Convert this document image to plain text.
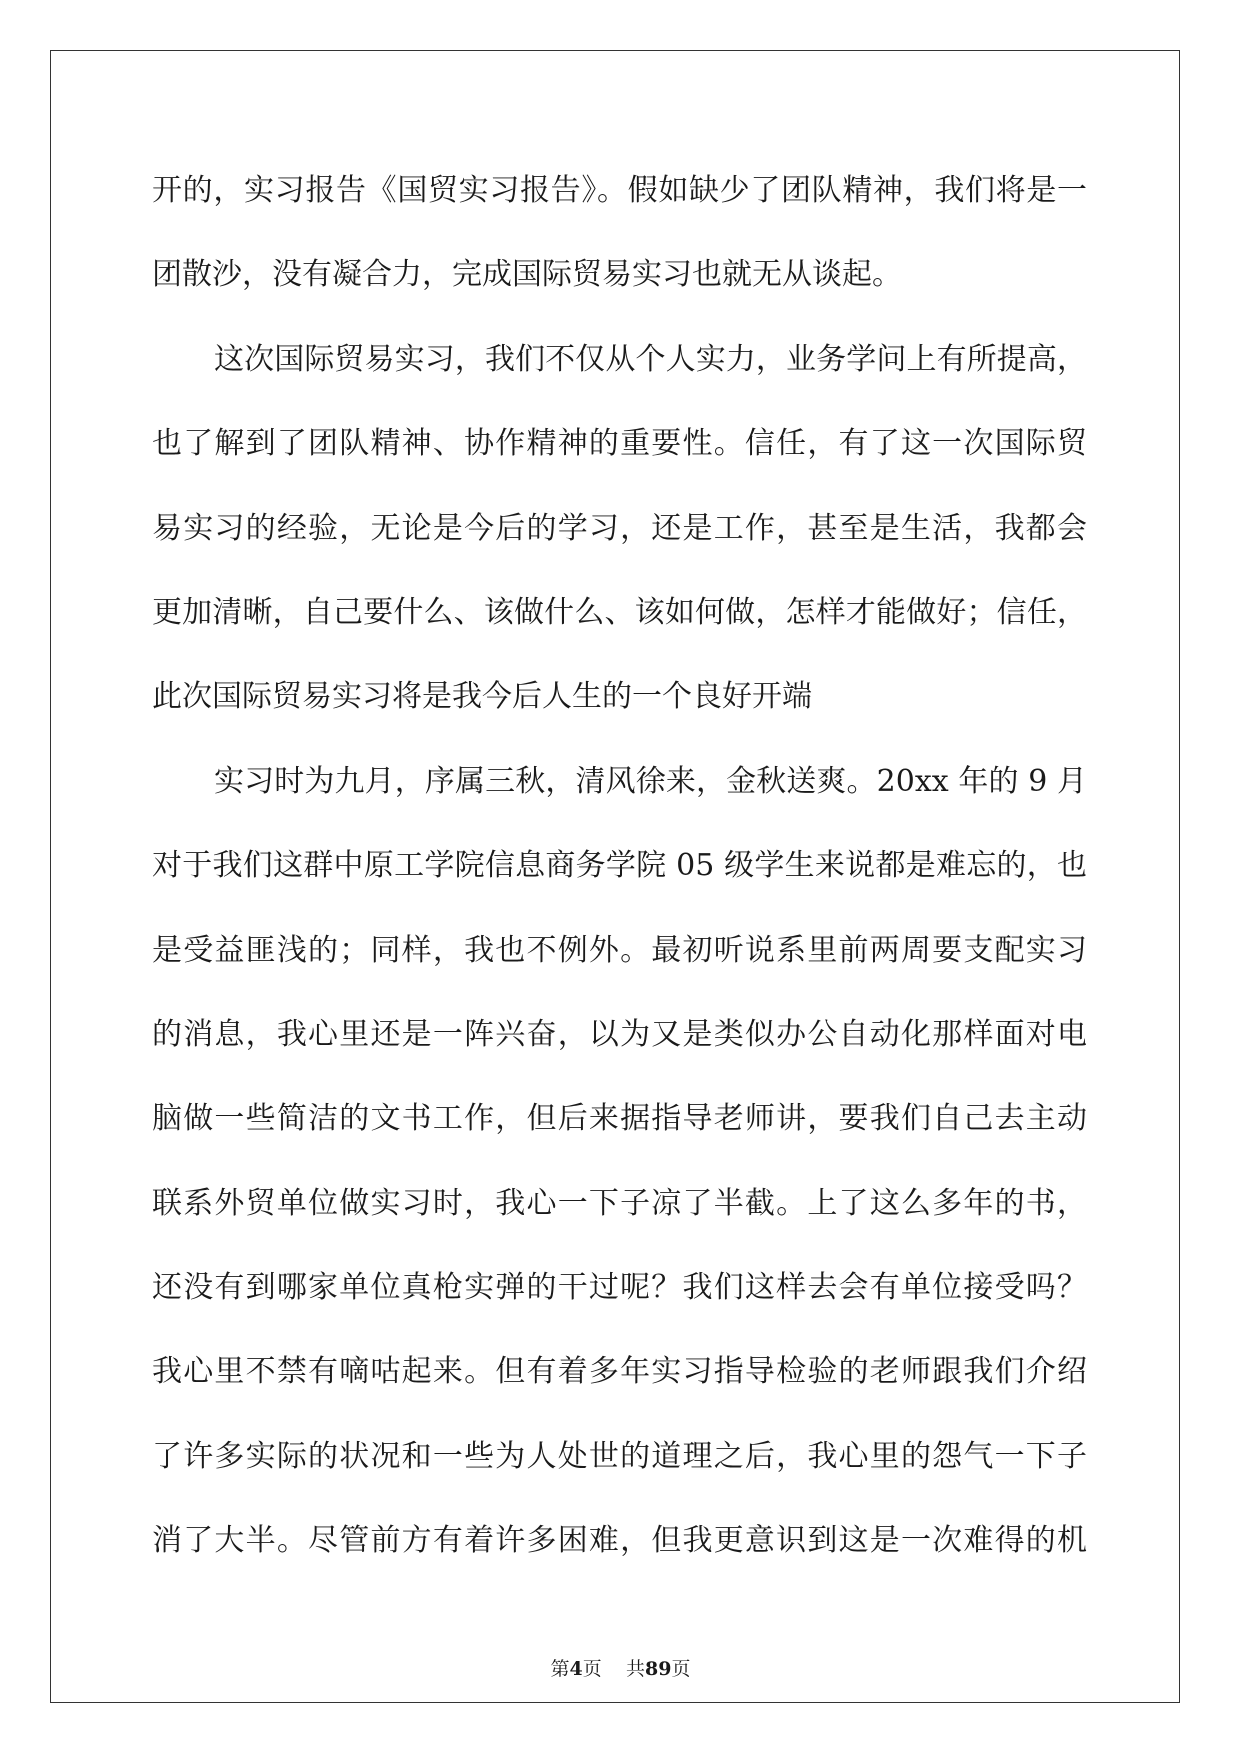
开的，实习报告《国贸实习报告》。假如缺少了团队精神，我们将是一
团散沙，没有凝合力，完成国际贸易实习也就无从谈起。
这次国际贸易实习，我们不仅从个人实力，业务学问上有所提高，
也了解到了团队精神、协作精神的重要性。信任，有了这一次国际贸
易实习的经验，无论是今后的学习，还是工作，甚至是生活，我都会
更加清晰，自己要什么、该做什么、该如何做，怎样才能做好；信任，
此次国际贸易实习将是我今后人生的一个良好开端
实习时为九月，序属三秋，清风徐来，金秋送爽。20xx 年的 9 月
对于我们这群中原工学院信息商务学院 05 级学生来说都是难忘的，也
是受益匪浅的；同样，我也不例外。最初听说系里前两周要支配实习
的消息，我心里还是一阵兴奋，以为又是类似办公自动化那样面对电
脑做一些简洁的文书工作，但后来据指导老师讲，要我们自己去主动
联系外贸单位做实习时，我心一下子凉了半截。上了这么多年的书，
还没有到哪家单位真枪实弹的干过呢？我们这样去会有单位接受吗？
我心里不禁有嘀咕起来。但有着多年实习指导检验的老师跟我们介绍
了许多实际的状况和一些为人处世的道理之后，我心里的怨气一下子
消了大半。尽管前方有着许多困难，但我更意识到这是一次难得的机
第4页 共89页
